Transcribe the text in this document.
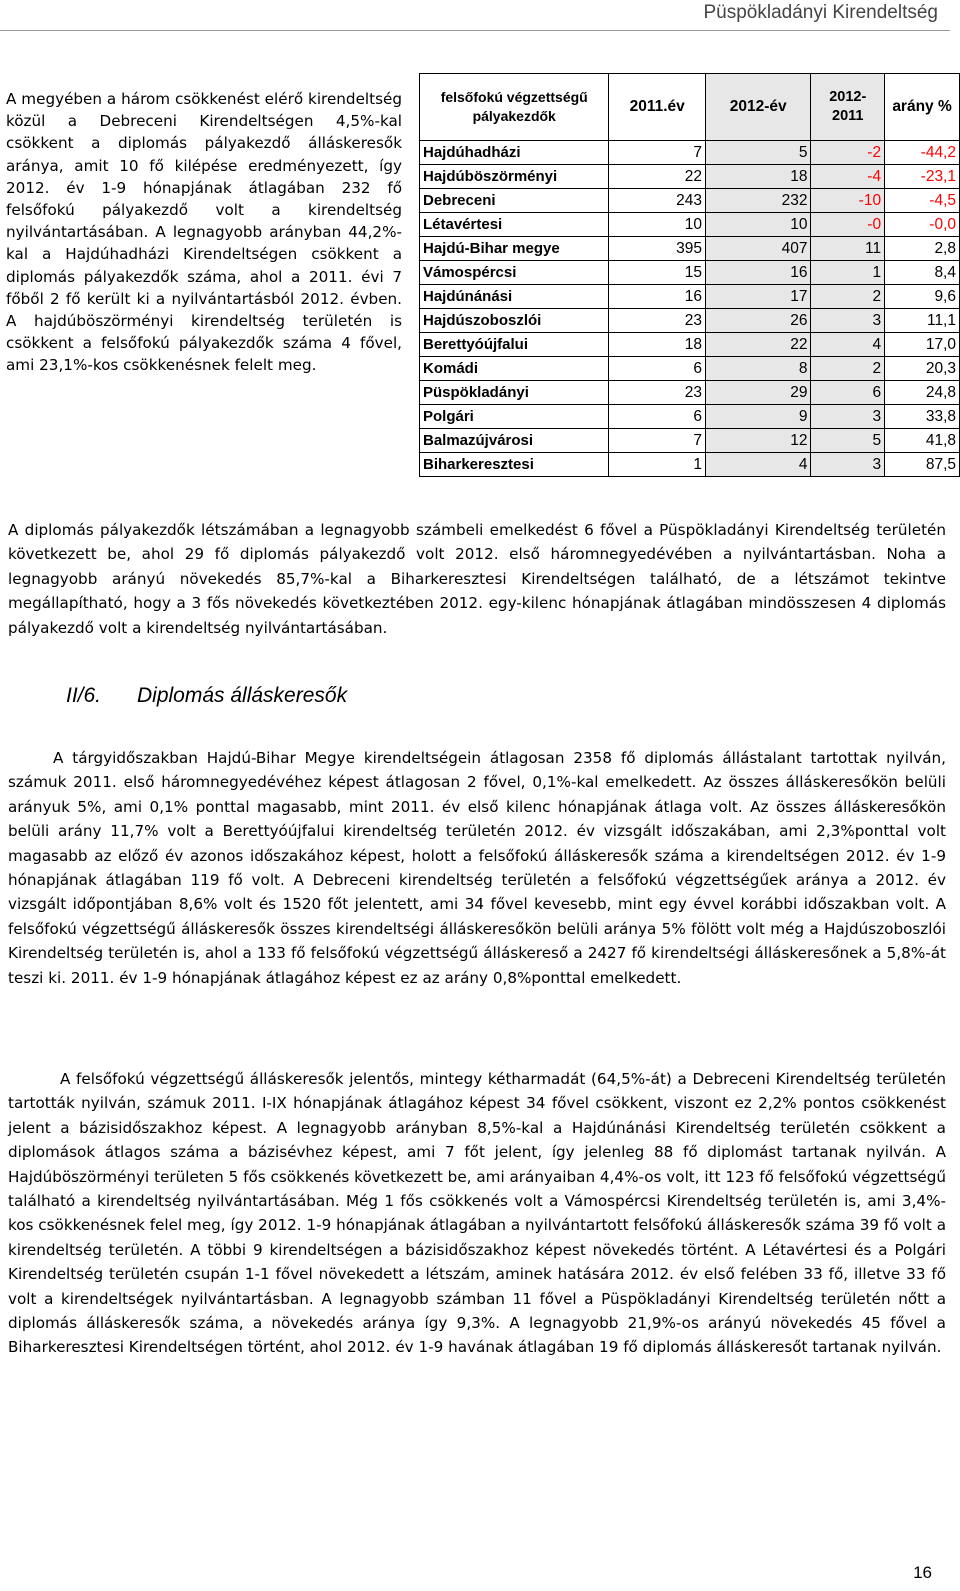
Püspökladányi Kirendeltség

A megyében a három csökkenést elérő kirendeltség közül a Debreceni Kirendeltségen 4,5%-kal csökkent a diplomás pályakezdő álláskeresők aránya, amit 10 fő kilépése eredményezett, így 2012. év 1-9 hónapjának átlagában 232 fő felsőfokú pályakezdő volt a kirendeltség nyilvántartásában. A legnagyobb arányban 44,2%-kal a Hajdúhadházi Kirendeltségen csökkent a diplomás pályakezdők száma, ahol a 2011. évi 7 főből 2 fő került ki a nyilvántartásból 2012. évben. A hajdúböszörményi kirendeltség területén is csökkent a felsőfokú pályakezdők száma 4 fővel, ami 23,1%-kos csökkenésnek felelt meg.

felsőfokú végzettségű pályakezdők	2011.év	2012-év	2012-2011	arány %
Hajdúhadházi	7	5	-2	-44,2
Hajdúböszörményi	22	18	-4	-23,1
Debreceni	243	232	-10	-4,5
Létavértesi	10	10	-0	-0,0
Hajdú-Bihar megye	395	407	11	2,8
Vámospércsi	15	16	1	8,4
Hajdúnánási	16	17	2	9,6
Hajdúszoboszlói	23	26	3	11,1
Berettyóújfalui	18	22	4	17,0
Komádi	6	8	2	20,3
Püspökladányi	23	29	6	24,8
Polgári	6	9	3	33,8
Balmazújvárosi	7	12	5	41,8
Biharkeresztesi	1	4	3	87,5

A diplomás pályakezdők létszámában a legnagyobb számbeli emelkedést 6 fővel a Püspökladányi Kirendeltség területén következett be, ahol 29 fő diplomás pályakezdő volt 2012. első háromnegyedévében a nyilvántartásban. Noha a legnagyobb arányú növekedés 85,7%-kal a Biharkeresztesi Kirendeltségen található, de a létszámot tekintve megállapítható, hogy a 3 fős növekedés következtében 2012. egy-kilenc hónapjának átlagában mindösszesen 4 diplomás pályakezdő volt a kirendeltség nyilvántartásában.

II/6. Diplomás álláskeresők

A tárgyidőszakban Hajdú-Bihar Megye kirendeltségein átlagosan 2358 fő diplomás állástalant tartottak nyilván, számuk 2011. első háromnegyedévéhez képest átlagosan 2 fővel, 0,1%-kal emelkedett. Az összes álláskeresőkön belüli arányuk 5%, ami 0,1% ponttal magasabb, mint 2011. év első kilenc hónapjának átlaga volt. Az összes álláskeresőkön belüli arány 11,7% volt a Berettyóújfalui kirendeltség területén 2012. év vizsgált időszakában, ami 2,3%ponttal volt magasabb az előző év azonos időszakához képest, holott a felsőfokú álláskeresők száma a kirendeltségen 2012. év 1-9 hónapjának átlagában 119 fő volt. A Debreceni kirendeltség területén a felsőfokú végzettségűek aránya a 2012. év vizsgált időpontjában 8,6% volt és 1520 főt jelentett, ami 34 fővel kevesebb, mint egy évvel korábbi időszakban volt. A felsőfokú végzettségű álláskeresők összes kirendeltségi álláskeresőkön belüli aránya 5% fölött volt még a Hajdúszoboszlói Kirendeltség területén is, ahol a 133 fő felsőfokú végzettségű álláskereső a 2427 fő kirendeltségi álláskeresőnek a 5,8%-át teszi ki. 2011. év 1-9 hónapjának átlagához képest ez az arány 0,8%ponttal emelkedett.

A felsőfokú végzettségű álláskeresők jelentős, mintegy kétharmadát (64,5%-át) a Debreceni Kirendeltség területén tartották nyilván, számuk 2011. I-IX hónapjának átlagához képest 34 fővel csökkent, viszont ez 2,2% pontos csökkenést jelent a bázisidőszakhoz képest. A legnagyobb arányban 8,5%-kal a Hajdúnánási Kirendeltség területén csökkent a diplomások átlagos száma a bázisévhez képest, ami 7 főt jelent, így jelenleg 88 fő diplomást tartanak nyilván. A Hajdúböszörményi területen 5 fős csökkenés következett be, ami arányaiban 4,4%-os volt, itt 123 fő felsőfokú végzettségű található a kirendeltség nyilvántartásában. Még 1 fős csökkenés volt a Vámospércsi Kirendeltség területén is, ami 3,4%-kos csökkenésnek felel meg, így 2012. 1-9 hónapjának átlagában a nyilvántartott felsőfokú álláskeresők száma 39 fő volt a kirendeltség területén. A többi 9 kirendeltségen a bázisidőszakhoz képest növekedés történt. A Létavértesi és a Polgári Kirendeltség területén csupán 1-1 fővel növekedett a létszám, aminek hatására 2012. év első felében 33 fő, illetve 33 fő volt a kirendeltségek nyilvántartásban. A legnagyobb számban 11 fővel a Püspökladányi Kirendeltség területén nőtt a diplomás álláskeresők száma, a növekedés aránya így 9,3%. A legnagyobb 21,9%-os arányú növekedés 45 fővel a Biharkeresztesi Kirendeltségen történt, ahol 2012. év 1-9 havának átlagában 19 fő diplomás álláskeresőt tartanak nyilván.

16
